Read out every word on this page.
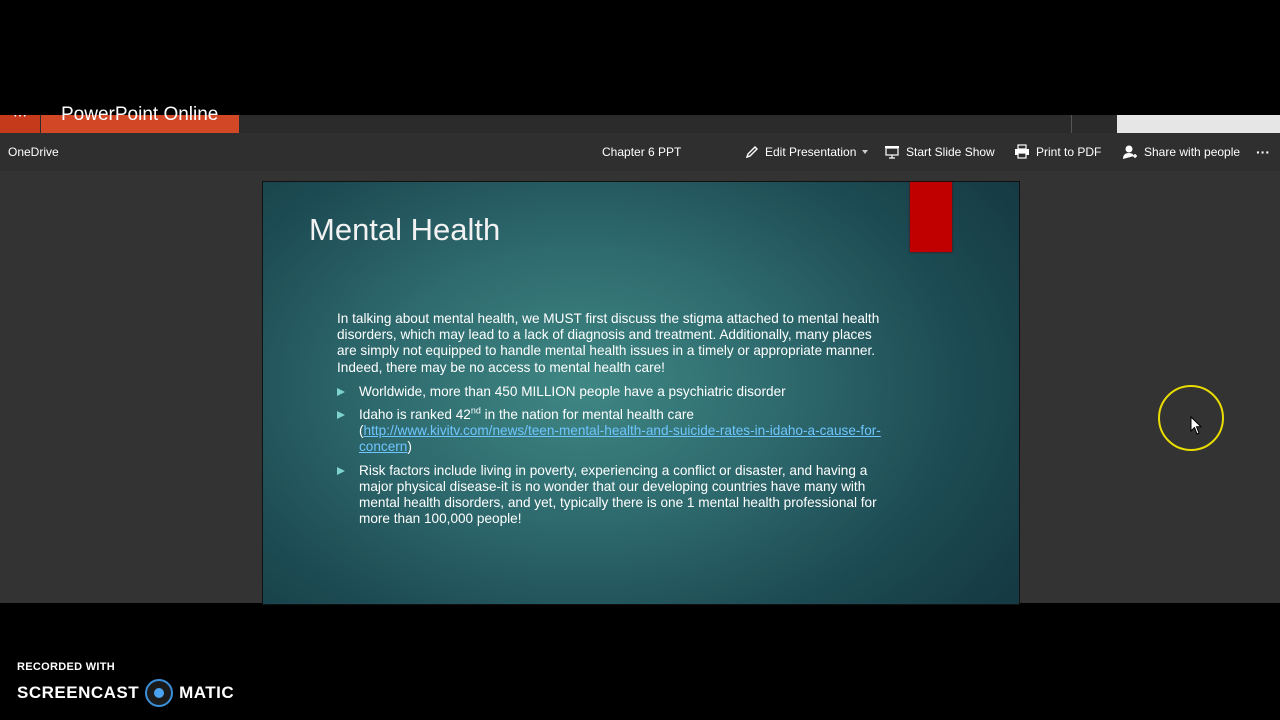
⋯	PowerPoint Online
OneDrive	Chapter 6 PPT	Edit Presentation	Start Slide Show	Print to PDF	Share with people ···
Mental Health

In talking about mental health, we MUST first discuss the stigma attached to mental health disorders, which may lead to a lack of diagnosis and treatment. Additionally, many places are simply not equipped to handle mental health issues in a timely or appropriate manner. Indeed, there may be no access to mental health care!

Worldwide, more than 450 MILLION people have a psychiatric disorder
Idaho is ranked 42nd in the nation for mental health care
(http://www.kivitv.com/news/teen-mental-health-and-suicide-rates-in-idaho-a-cause-for-concern)
Risk factors include living in poverty, experiencing a conflict or disaster, and having a major physical disease-it is no wonder that our developing countries have many with mental health disorders, and yet, typically there is one 1 mental health professional for more than 100,000 people!
RECORDED WITH
SCREENCAST MATIC
